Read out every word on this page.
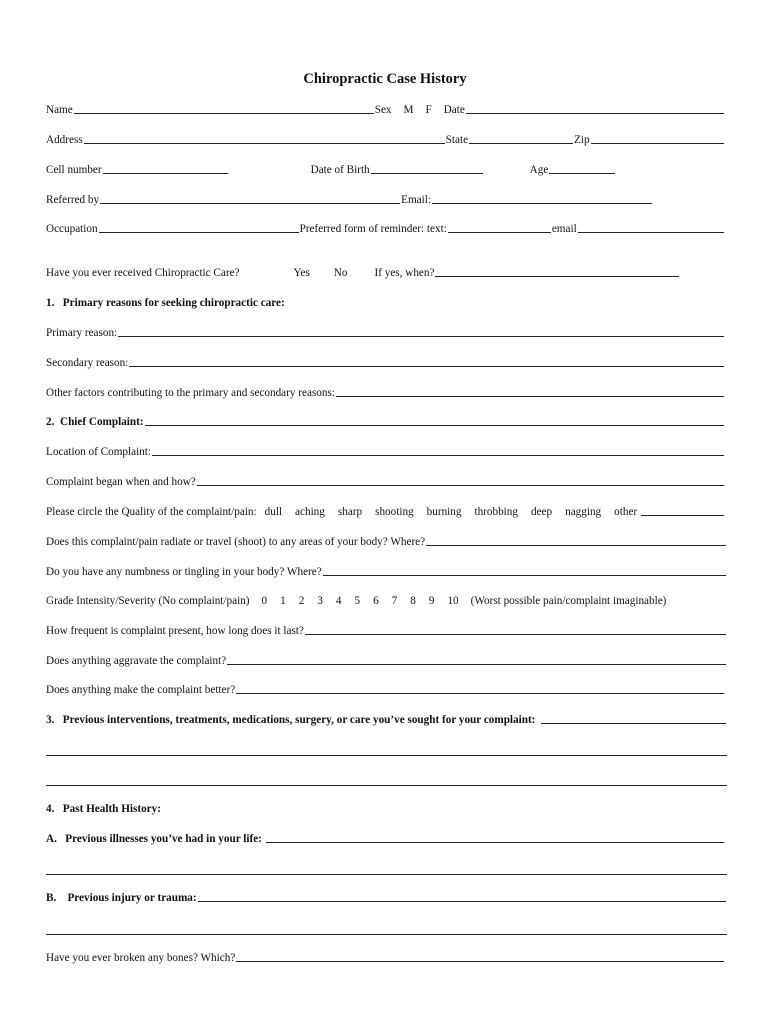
Chiropractic Case History
Name	Sex M F Date
Address	State	Zip
Cell number	Date of Birth	Age
Referred by	Email:
Occupation	Preferred form of reminder: text:	email
Have you ever received Chiropractic Care?	Yes No If yes, when?
1.   Primary reasons for seeking chiropractic care:
Primary reason:
Secondary reason:
Other factors contributing to the primary and secondary reasons:
2.  Chief Complaint:
Location of Complaint:
Complaint began when and how?
Please circle the Quality of the complaint/pain: dull aching sharp shooting burning throbbing deep nagging other
Does this complaint/pain radiate or travel (shoot) to any areas of your body? Where?
Do you have any numbness or tingling in your body? Where?
Grade Intensity/Severity (No complaint/pain) 0 1 2 3 4 5 6 7 8 9 10 (Worst possible pain/complaint imaginable)
How frequent is complaint present, how long does it last?
Does anything aggravate the complaint?
Does anything make the complaint better?
3.   Previous interventions, treatments, medications, surgery, or care you’ve sought for your complaint:
4.   Past Health History:
A.   Previous illnesses you’ve had in your life:
B.    Previous injury or trauma:
Have you ever broken any bones? Which?
